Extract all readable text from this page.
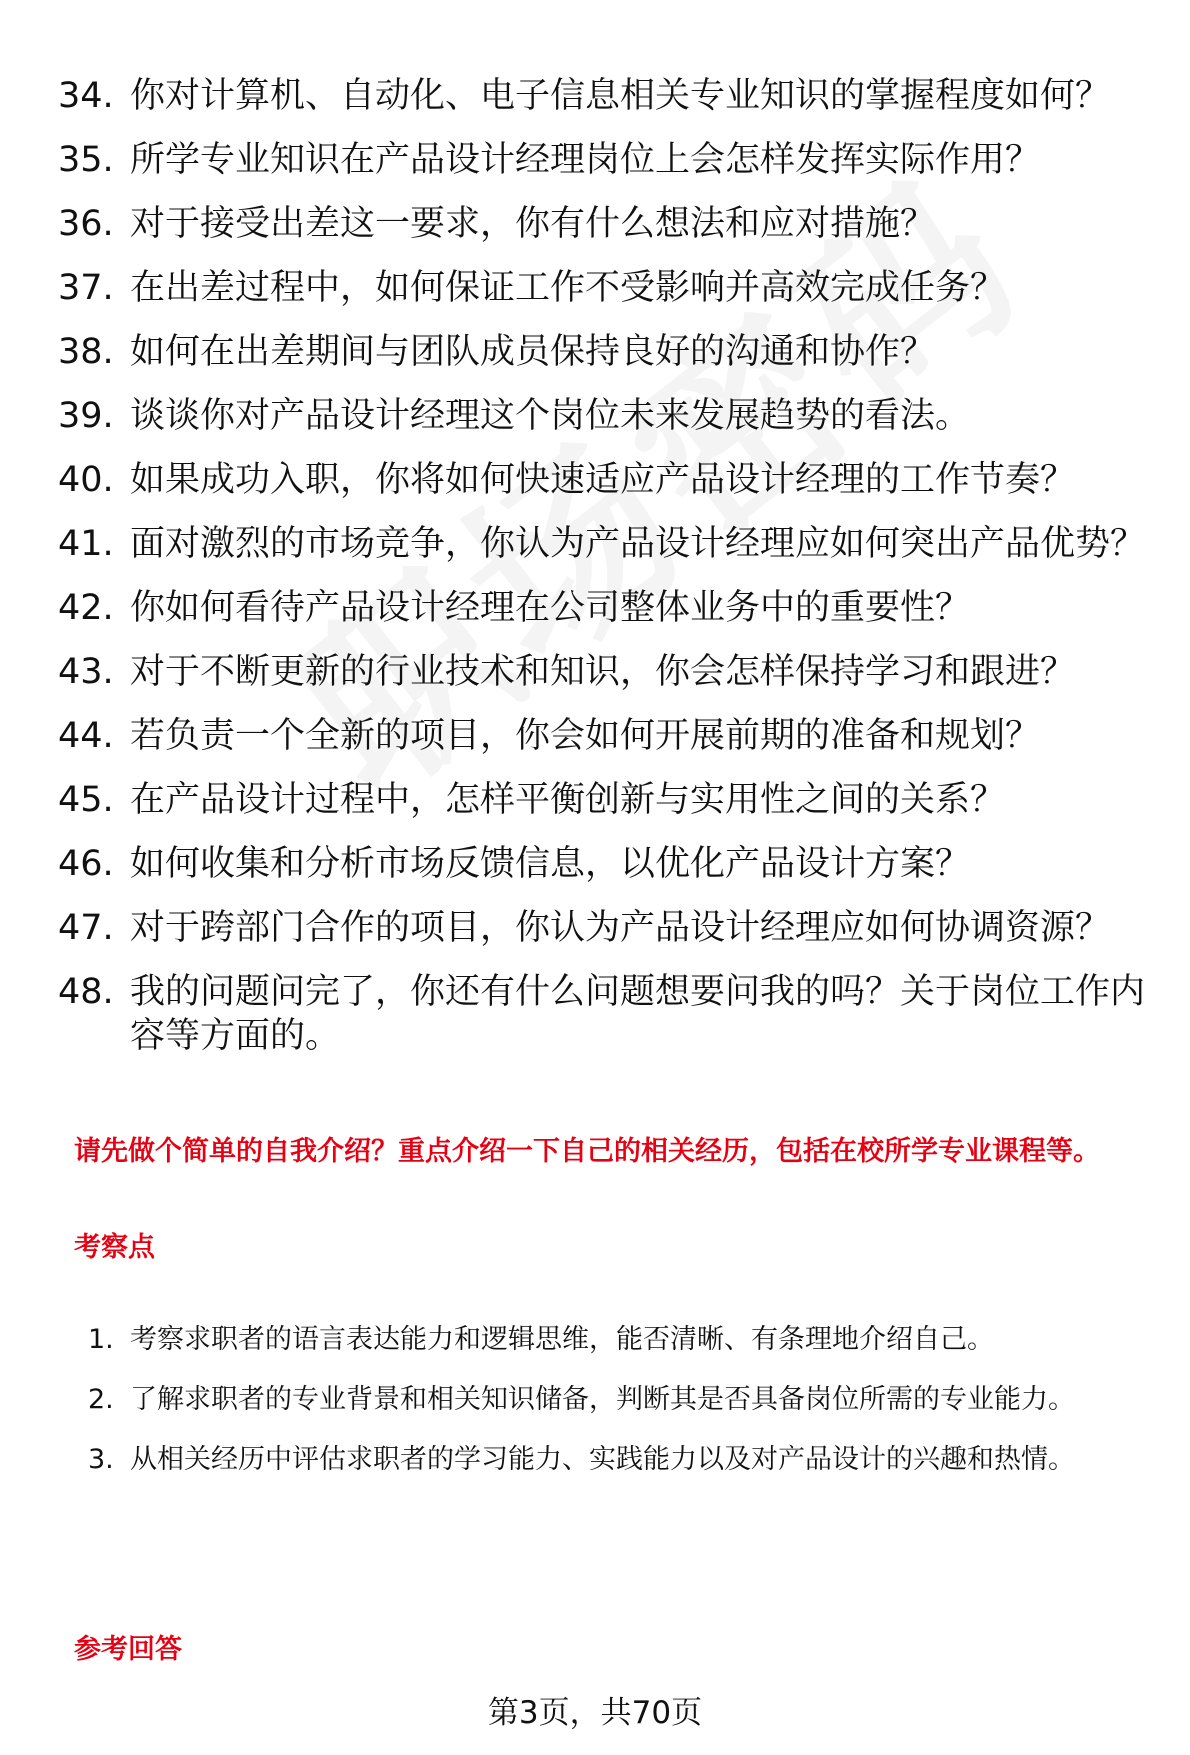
34. 你对计算机、自动化、电子信息相关专业知识的掌握程度如何？
35. 所学专业知识在产品设计经理岗位上会怎样发挥实际作用？
36. 对于接受出差这一要求，你有什么想法和应对措施？
37. 在出差过程中，如何保证工作不受影响并高效完成任务？
38. 如何在出差期间与团队成员保持良好的沟通和协作？
39. 谈谈你对产品设计经理这个岗位未来发展趋势的看法。
40. 如果成功入职，你将如何快速适应产品设计经理的工作节奏？
41. 面对激烈的市场竞争，你认为产品设计经理应如何突出产品优势？
42. 你如何看待产品设计经理在公司整体业务中的重要性？
43. 对于不断更新的行业技术和知识，你会怎样保持学习和跟进？
44. 若负责一个全新的项目，你会如何开展前期的准备和规划？
45. 在产品设计过程中，怎样平衡创新与实用性之间的关系？
46. 如何收集和分析市场反馈信息，以优化产品设计方案？
47. 对于跨部门合作的项目，你认为产品设计经理应如何协调资源？
48. 我的问题问完了，你还有什么问题想要问我的吗？关于岗位工作内容等方面的。
请先做个简单的自我介绍？重点介绍一下自己的相关经历，包括在校所学专业课程等。
考察点
1. 考察求职者的语言表达能力和逻辑思维，能否清晰、有条理地介绍自己。
2. 了解求职者的专业背景和相关知识储备，判断其是否具备岗位所需的专业能力。
3. 从相关经历中评估求职者的学习能力、实践能力以及对产品设计的兴趣和热情。
参考回答
第3页，共70页
